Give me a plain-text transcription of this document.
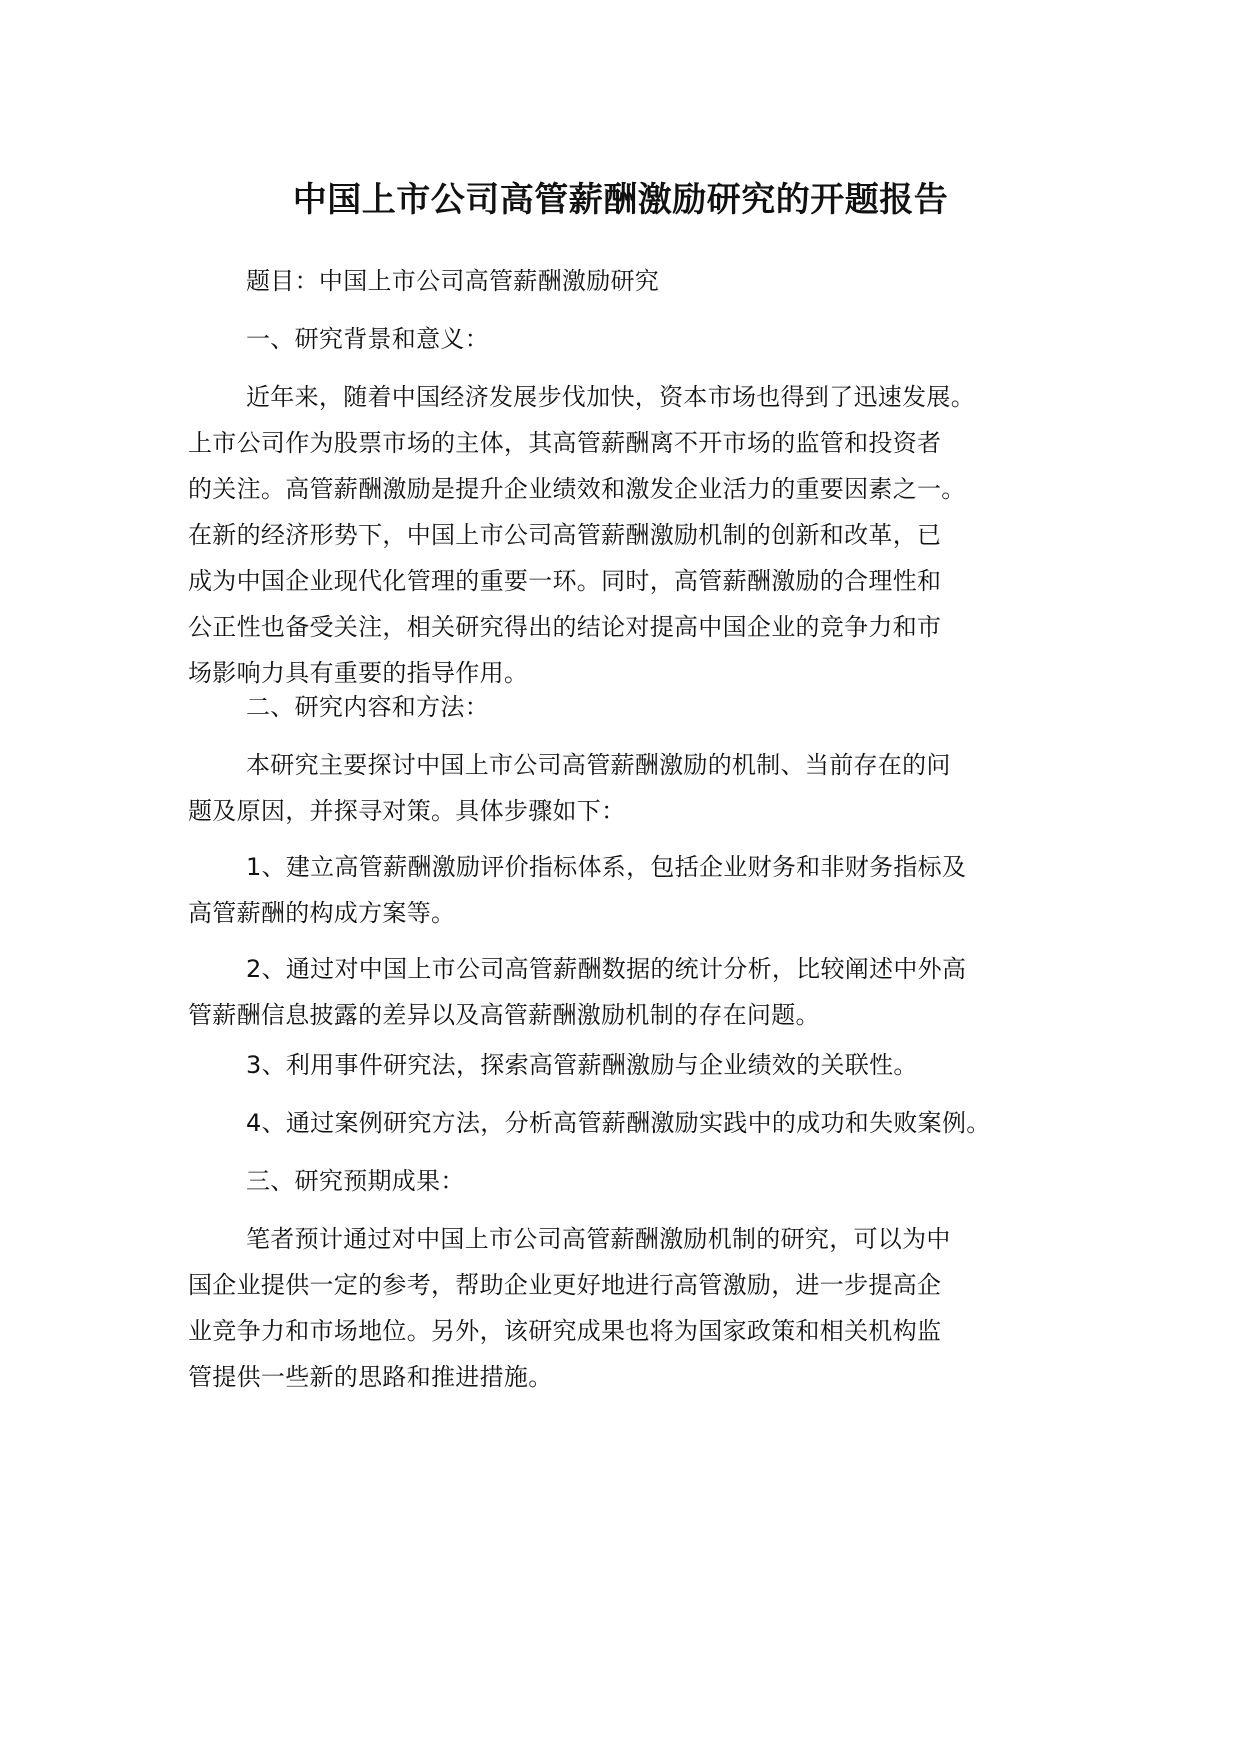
中国上市公司高管薪酬激励研究的开题报告
题目：中国上市公司高管薪酬激励研究
一、研究背景和意义：
近年来，随着中国经济发展步伐加快，资本市场也得到了迅速发展。
上市公司作为股票市场的主体，其高管薪酬离不开市场的监管和投资者
的关注。高管薪酬激励是提升企业绩效和激发企业活力的重要因素之一。
在新的经济形势下，中国上市公司高管薪酬激励机制的创新和改革，已
成为中国企业现代化管理的重要一环。同时，高管薪酬激励的合理性和
公正性也备受关注，相关研究得出的结论对提高中国企业的竞争力和市
场影响力具有重要的指导作用。
二、研究内容和方法：
本研究主要探讨中国上市公司高管薪酬激励的机制、当前存在的问
题及原因，并探寻对策。具体步骤如下：
1、建立高管薪酬激励评价指标体系，包括企业财务和非财务指标及
高管薪酬的构成方案等。
2、通过对中国上市公司高管薪酬数据的统计分析，比较阐述中外高
管薪酬信息披露的差异以及高管薪酬激励机制的存在问题。
3、利用事件研究法，探索高管薪酬激励与企业绩效的关联性。
4、通过案例研究方法，分析高管薪酬激励实践中的成功和失败案例。
三、研究预期成果：
笔者预计通过对中国上市公司高管薪酬激励机制的研究，可以为中
国企业提供一定的参考，帮助企业更好地进行高管激励，进一步提高企
业竞争力和市场地位。另外，该研究成果也将为国家政策和相关机构监
管提供一些新的思路和推进措施。
